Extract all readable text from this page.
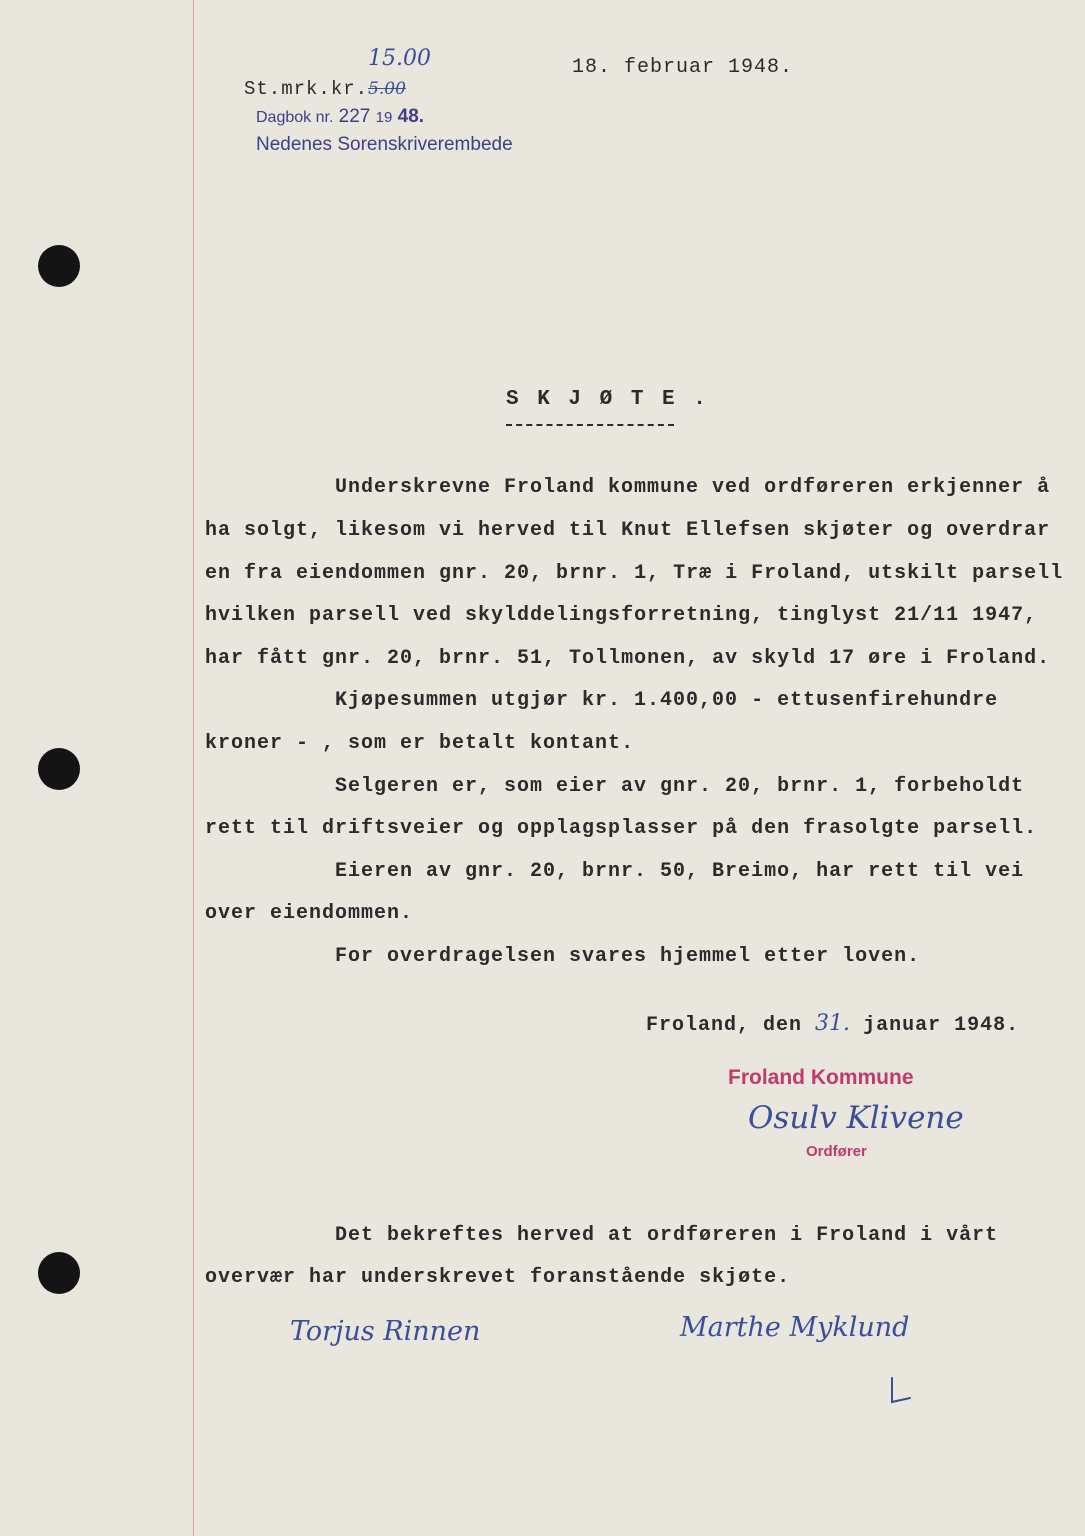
15.00
St.mrk.kr.5.00
18. februar 1948.
Dagbok nr. 227 19 48.
Nedenes Sorenskriverembede
S K J Ø T E .
Underskrevne Froland kommune ved ordføreren erkjenner å
ha solgt, likesom vi herved til Knut Ellefsen skjøter og overdrar
en fra eiendommen gnr. 20, brnr. 1, Træ i Froland, utskilt parsell
hvilken parsell ved skylddelingsforretning, tinglyst 21/11 1947,
har fått gnr. 20, brnr. 51, Tollmonen, av skyld 17 øre i Froland.
Kjøpesummen utgjør kr. 1.400,00 - ettusenfirehundre
kroner - , som er betalt kontant.
Selgeren er, som eier av gnr. 20, brnr. 1, forbeholdt
rett til driftsveier og opplagsplasser på den frasolgte parsell.
Eieren av gnr. 20, brnr. 50, Breimo, har rett til vei
over eiendommen.
For overdragelsen svares hjemmel etter loven.
Froland, den 31. januar 1948.
Froland Kommune
Osulv Klivene
Ordfører
Det bekreftes herved at ordføreren i Froland i vårt
overvær har underskrevet foranstående skjøte.
Torjus Rinnen	Marthe Myklund
